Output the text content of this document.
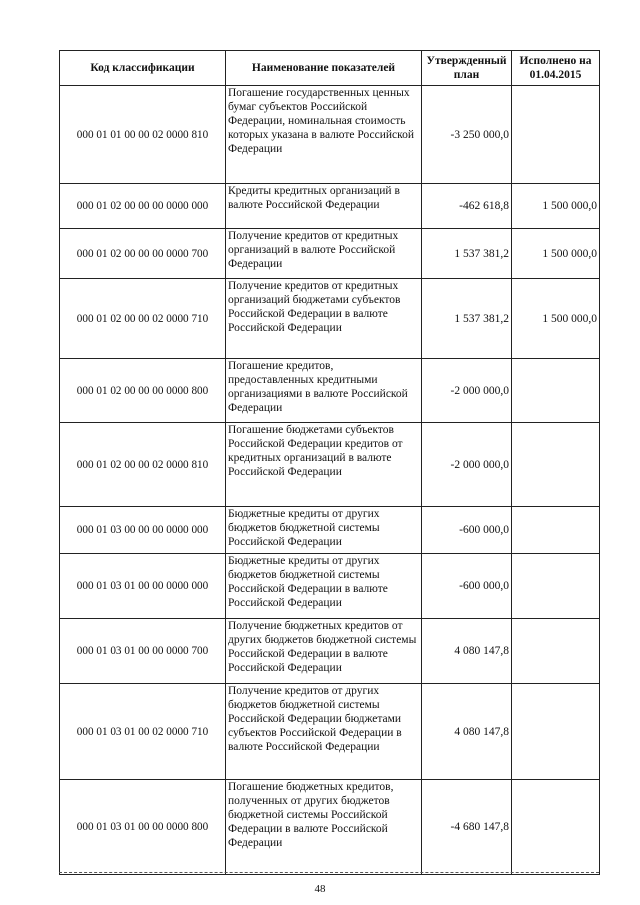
Код классификации	Наименование показателей	Утвержденный план	Исполнено на 01.04.2015
000 01 01 00 00 02 0000 810	Погашение государственных ценных бумаг субъектов Российской Федерации, номинальная стоимость которых указана в валюте Российской Федерации	-3 250 000,0	
000 01 02 00 00 00 0000 000	Кредиты кредитных организаций в валюте Российской Федерации	-462 618,8	1 500 000,0
000 01 02 00 00 00 0000 700	Получение кредитов от кредитных организаций в валюте Российской Федерации	1 537 381,2	1 500 000,0
000 01 02 00 00 02 0000 710	Получение кредитов от кредитных организаций бюджетами субъектов Российской Федерации в валюте Российской Федерации	1 537 381,2	1 500 000,0
000 01 02 00 00 00 0000 800	Погашение кредитов, предоставленных кредитными организациями в валюте Российской Федерации	-2 000 000,0	
000 01 02 00 00 02 0000 810	Погашение бюджетами субъектов Российской Федерации кредитов от кредитных организаций в валюте Российской Федерации	-2 000 000,0	
000 01 03 00 00 00 0000 000	Бюджетные кредиты от других бюджетов бюджетной системы Российской Федерации	-600 000,0	
000 01 03 01 00 00 0000 000	Бюджетные кредиты от других бюджетов бюджетной системы Российской Федерации в валюте Российской Федерации	-600 000,0	
000 01 03 01 00 00 0000 700	Получение бюджетных кредитов от других бюджетов бюджетной системы Российской Федерации в валюте Российской Федерации	4 080 147,8	
000 01 03 01 00 02 0000 710	Получение кредитов от других бюджетов бюджетной системы Российской Федерации бюджетами субъектов Российской Федерации в валюте Российской Федерации	4 080 147,8	
000 01 03 01 00 00 0000 800	Погашение бюджетных кредитов, полученных от других бюджетов бюджетной системы Российской Федерации в валюте Российской Федерации	-4 680 147,8	
48
